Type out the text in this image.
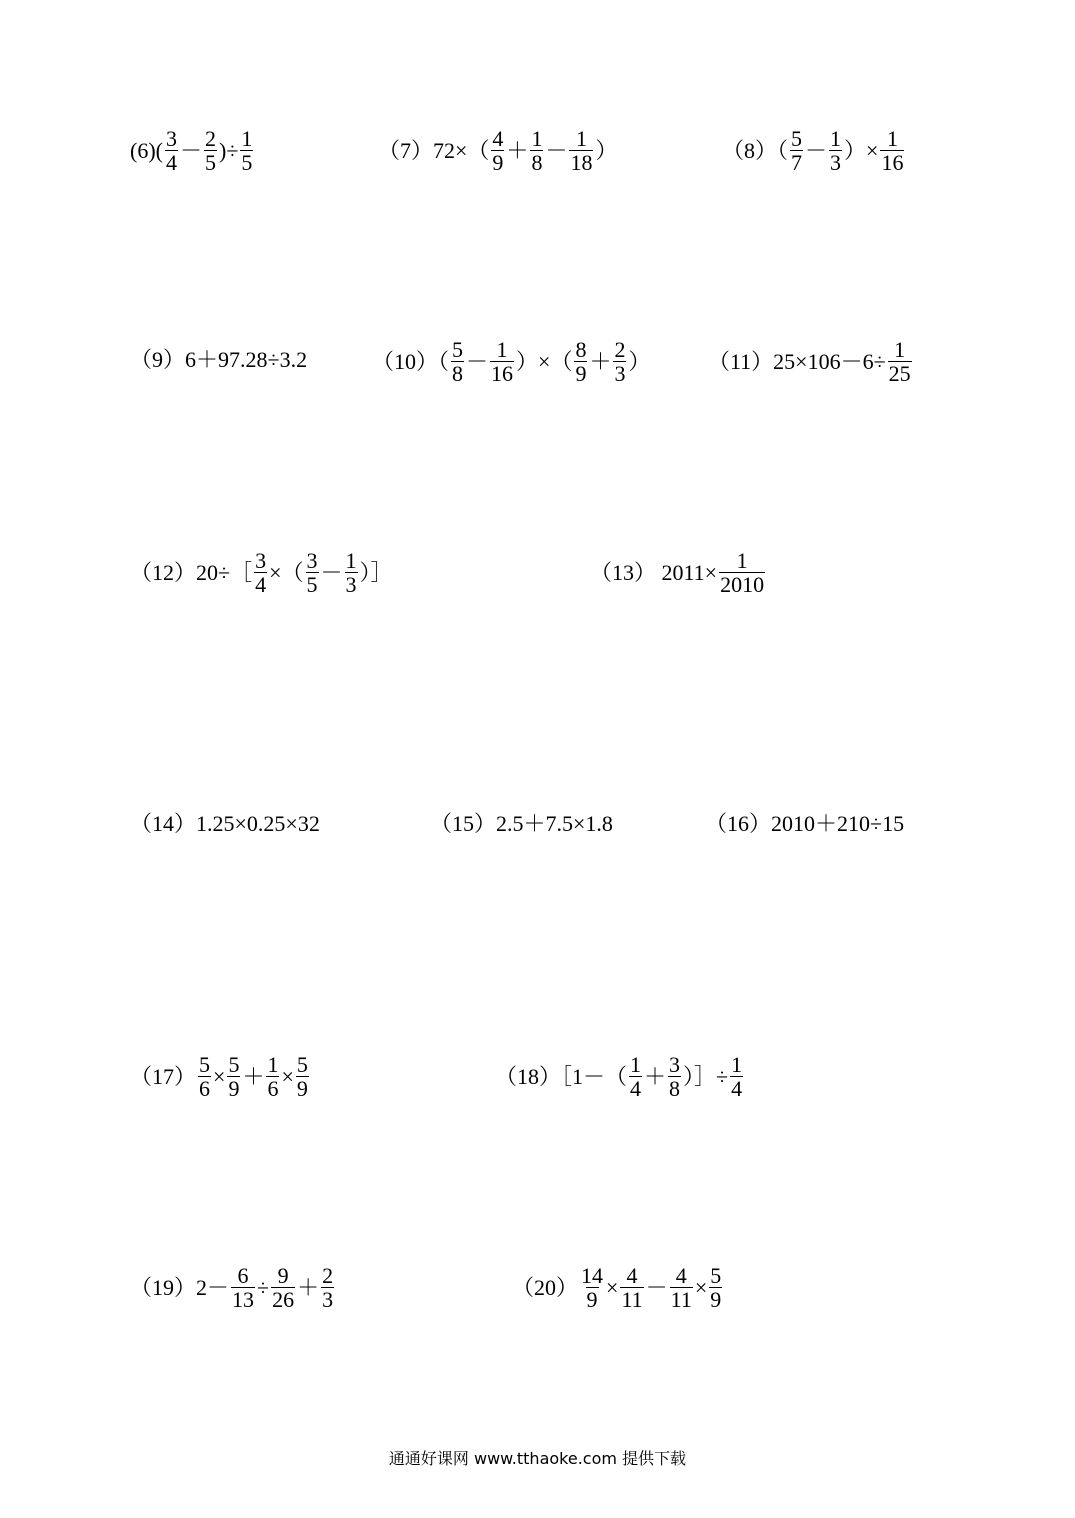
$(6)( \frac{3}{4} - \frac{2}{5}$ )÷ $\frac{1}{5}$	$(7)72\times( \frac{4}{9} + \frac{1}{8} - \frac{1}{18}$ ）	$(8)( \frac{5}{7} - \frac{1}{3}$ ）× $\frac{1}{16}$
（9）6＋97.28÷3.2	$(10)( \frac{5}{8} - \frac{1}{16}$ ）×（ $\frac{8}{9} + \frac{2}{3}$ ）	$(11)25\times 106-6\div \frac{1}{25}$
（12）20÷［ $\frac{3}{4}$ ×（ $\frac{3}{5} - \frac{1}{3}$ ）］	（13） $2011\times \frac{1}{2010}$
（14）1.25×0.25×32	（15）2.5＋7.5×1.8	（16）2010＋210÷15
$(17) \frac{5}{6} \times \frac{5}{9} + \frac{1}{6} \times \frac{5}{9}$	（18）［1－（ $\frac{1}{4} + \frac{3}{8}$ ）］÷ $\frac{1}{4}$
$(19)2- \frac{6}{13} \div \frac{9}{26} + \frac{2}{3}$	$(20) \frac{14}{9} \times \frac{4}{11} - \frac{4}{11} \times \frac{5}{9}$
通通好课网 www.tthaoke.com 提供下载
